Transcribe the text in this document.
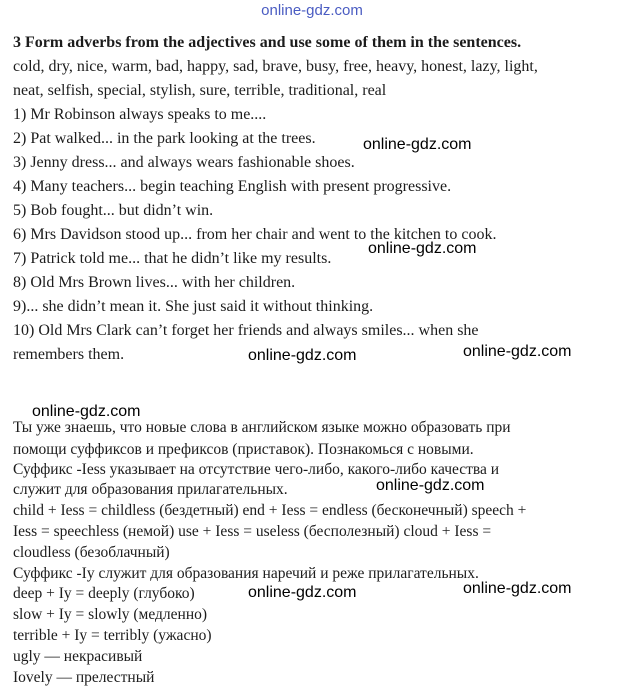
online-gdz.com
3 Form adverbs from the adjectives and use some of them in the sentences.
cold, dry, nice, warm, bad, happy, sad, brave, busy, free, heavy, honest, lazy, light,
neat, selfish, special, stylish, sure, terrible, traditional, real
1) Mr Robinson always speaks to me....
2) Pat walked... in the park looking at the trees.
3) Jenny dress... and always wears fashionable shoes.
4) Many teachers... begin teaching English with present progressive.
5) Bob fought... but didn’t win.
6) Mrs Davidson stood up... from her chair and went to the kitchen to cook.
7) Patrick told me... that he didn’t like my results.
8) Old Mrs Brown lives... with her children.
9)... she didn’t mean it. She just said it without thinking.
10) Old Mrs Clark can’t forget her friends and always smiles... when she
remembers them.
Ты уже знаешь, что новые слова в английском языке можно образовать при
помощи суффиксов и префиксов (приставок). Познакомься с новыми.
Суффикс -Iess указывает на отсутствие чего-либо, какого-либо качества и
служит для образования прилагательных.
child + Iess = childless (бездетный) end + Iess = endless (бесконечный) speech +
Iess = speechless (немой) use + Iess = useless (бесполезный) cloud + Iess =
cloudless (безоблачный)
Суффикс -Iy служит для образования наречий и реже прилагательных.
deep + Iy = deeply (глубоко)
slow + Iy = slowly (медленно)
terrible + Iy = terribly (ужасно)
ugly — некрасивый
Iovely — прелестный
online-gdz.com
online-gdz.com
online-gdz.com	online-gdz.com
online-gdz.com
online-gdz.com
online-gdz.com	online-gdz.com
